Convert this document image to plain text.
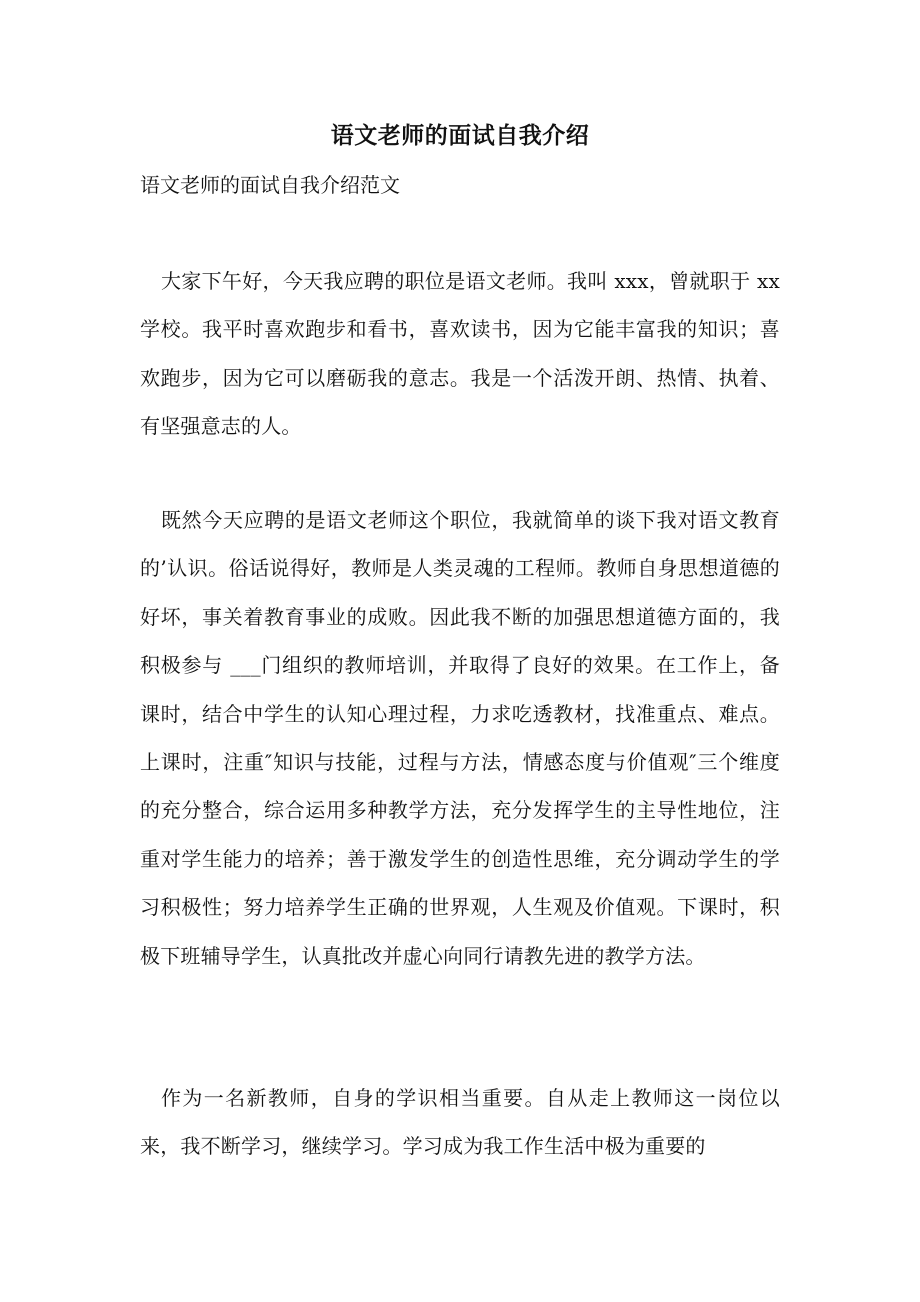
语文老师的面试自我介绍

语文老师的面试自我介绍范文

大家下午好，今天我应聘的职位是语文老师。我叫 xxx，曾就职于 xx 学校。我平时喜欢跑步和看书，喜欢读书，因为它能丰富我的知识；喜欢跑步，因为它可以磨砺我的意志。我是一个活泼开朗、热情、执着、有坚强意志的人。

既然今天应聘的是语文老师这个职位，我就简单的谈下我对语文教育的’认识。俗话说得好，教师是人类灵魂的工程师。教师自身思想道德的好坏，事关着教育事业的成败。因此我不断的加强思想道德方面的，我积极参与 ___门组织的教师培训，并取得了良好的效果。在工作上，备课时，结合中学生的认知心理过程，力求吃透教材，找准重点、难点。上课时，注重″知识与技能，过程与方法，情感态度与价值观″三个维度的充分整合，综合运用多种教学方法，充分发挥学生的主导性地位，注重对学生能力的培养；善于激发学生的创造性思维，充分调动学生的学习积极性；努力培养学生正确的世界观，人生观及价值观。下课时，积极下班辅导学生，认真批改并虚心向同行请教先进的教学方法。

作为一名新教师，自身的学识相当重要。自从走上教师这一岗位以来，我不断学习，继续学习。学习成为我工作生活中极为重要的
